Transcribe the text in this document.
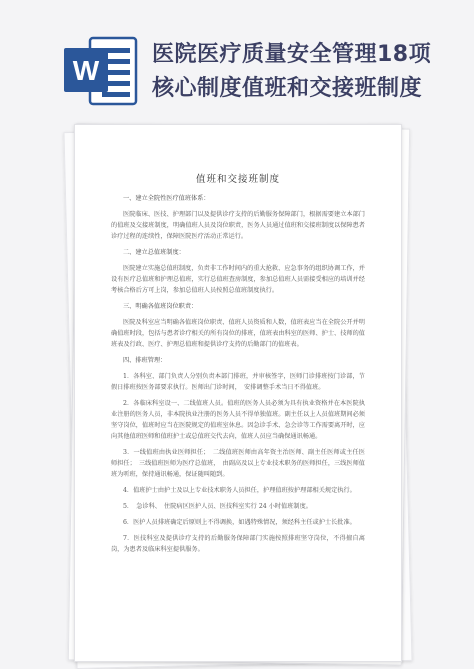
W
医院医疗质量安全管理18项
核心制度值班和交接班制度
值班和交接班制度

一、建立全院性医疗值班体系：

医院临床、医技、护理部门以及提供诊疗支持的后勤服务保障部门，根据需要建立本部门的值班及交接班制度，明确值班人员及岗位职责，医务人员通过值班和交接班制度以保障患者诊疗过程的连续性，保障医院医疗活动正常运行。

二、建立总值班制度：

医院建立实施总值班制度，负责非工作时间内的重大抢救、应急事务的组织协调工作，并设有医疗总值班和护理总值班，实行总值班查房制度，参加总值班人员需接受相应的培训并经考核合格后方可上岗，参加总值班人员按照总值班制度执行。

三、明确各值班岗位职责：

医院及科室应当明确各值班岗位职责、值班人员资质和人数，值班表应当在全院公开并明确值班时段，包括与患者诊疗相关的所有岗位的排班，值班表由科室的医师、护士、技师的值班表及行政、医疗、护理总值班和提供诊疗支持的后勤部门的值班表。

四、排班管理：

1．各科室、部门负责人分别负责本部门排班，并审核签字，医师门诊排班按门诊部，节假日排班按医务部要求执行。医师出门诊时间，　安排调整手术当日不得值班。

2．各临床科室设一、二线值班人员。值班的医务人员必须为具有执业资格并在本医院执业注册的医务人员，非本院执业注册的医务人员不得单独值班。副主任以上人员值班期间必须坚守岗位，值班时应当在医院规定的值班室休息。因急诊手术、急会诊等工作需要离开时，应向其他值班医师和值班护士或总值班交代去向，值班人员应当确保通讯畅通。

3．一线值班由执业医师担任；　二线值班医师由高年资主治医师、副主任医师或主任医师担任；　三线值班医师为医疗总值班，　由副高及以上专业技术职务的医师担任，三线医师值班为听班，保持通讯畅通，保证随叫随到。

4．值班护士由护士及以上专业技术职务人员担任，护理值班按护理部相关规定执行。

5．　急诊科、　住院病区医护人员、医技科室实行 24 小时值班制度。

6．医护人员排班确定后原则上不得调换，如遇特殊情况，须经科主任或护士长批准。

7．医技科室及提供诊疗支持的后勤服务保障部门实施按照排班坚守岗位，不得擅自离岗，为患者及临床科室提供服务。
